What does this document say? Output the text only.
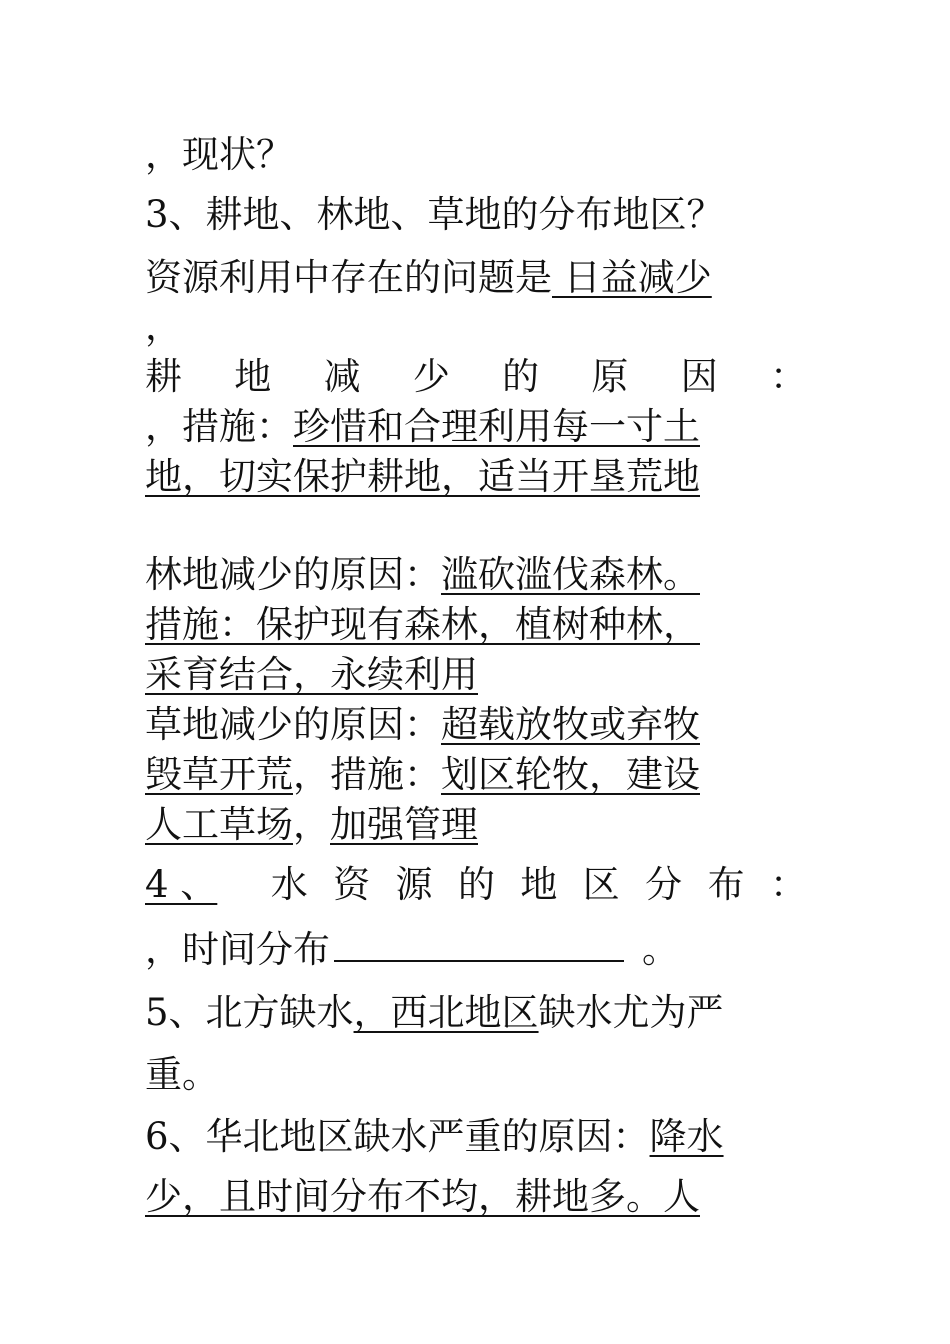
，现状？
3、耕地、林地、草地的分布地区？
资源利用中存在的问题是 日益减少
，
耕 地 减 少 的 原 因 ：
，措施：珍惜和合理利用每一寸土
地，切实保护耕地，适当开垦荒地
林地减少的原因：滥砍滥伐森林。
措施：保护现有森林，植树种林，
采育结合，永续利用
草地减少的原因：超载放牧或弃牧
毁草开荒，措施：划区轮牧，建设
人工草场，加强管理
4 、	水 资 源 的 地 区 分 布 ：
，时间分布	。
5、北方缺水，西北地区缺水尤为严
重。
6、华北地区缺水严重的原因：降水
少，且时间分布不均，耕地多。人
